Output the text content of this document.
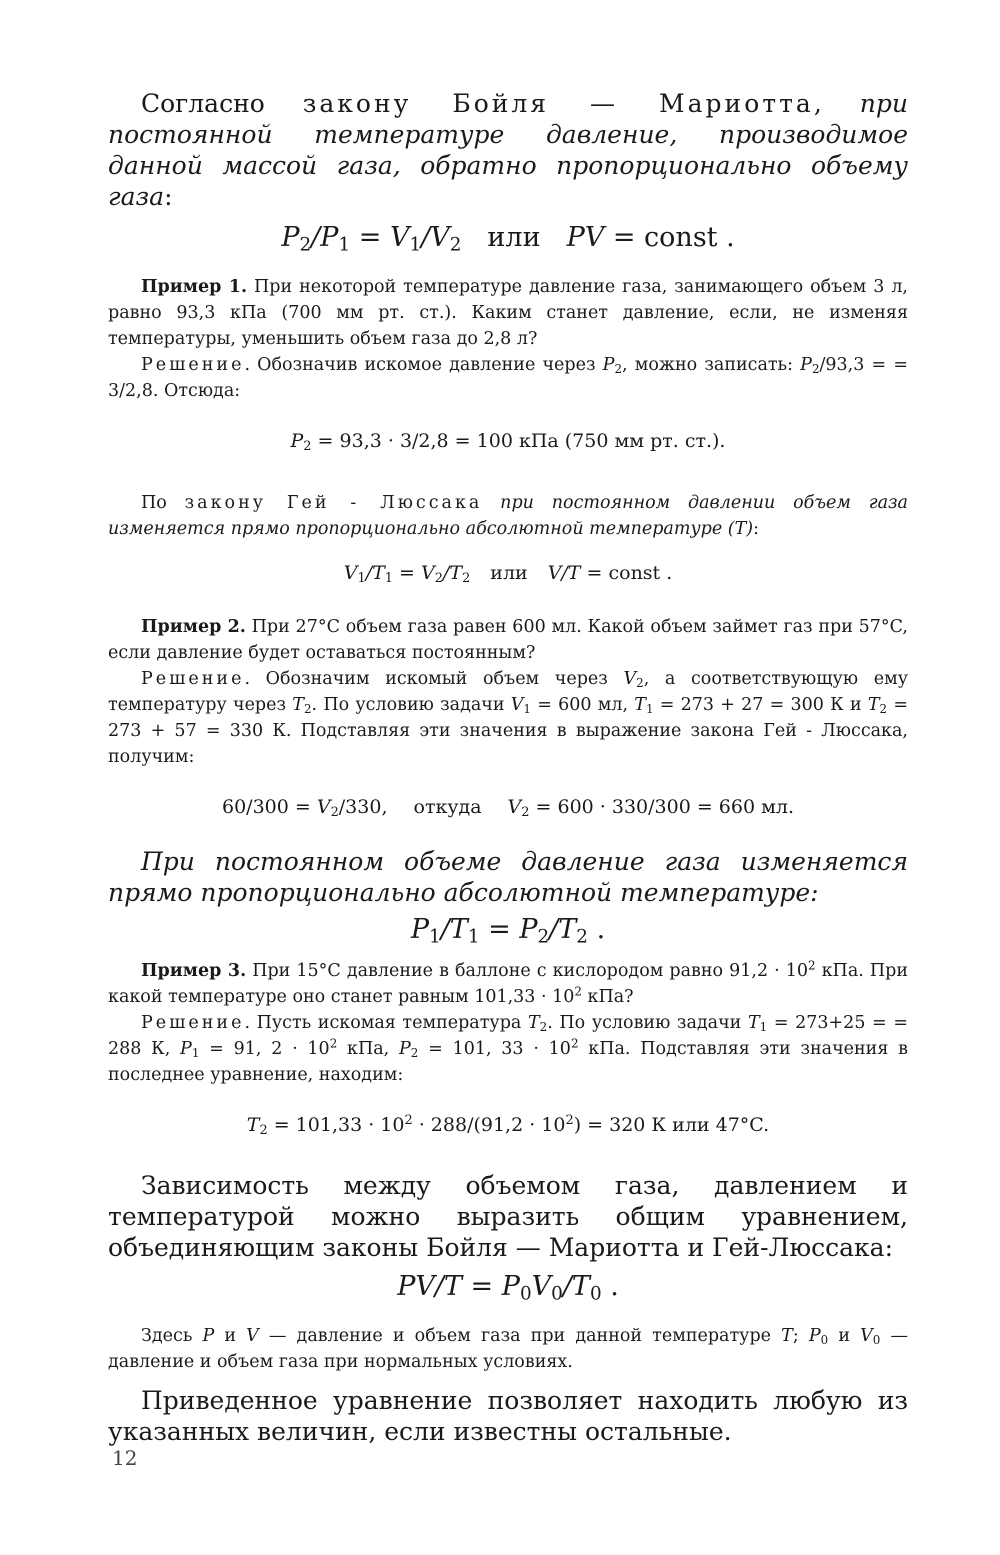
Согласно закону Бойля — Мариотта, при постоянной температуре давление, производимое данной массой газа, обратно пропорционально объему газа:

$P_2/P_1 = V_1/V_2$ или PV = const .

Пример 1. При некоторой температуре давление газа, занимающего объем 3 л, равно 93,3 кПа (700 мм рт. ст.). Каким станет давление, если, не изменяя температуры, уменьшить объем газа до 2,8 л?

Решение. Обозначив искомое давление через $P_2$, можно записать: $P_2/93,3$ = = 3/2,8. Отсюда:

$P_2 = 93,3 \cdot 3/2,8 = 100$ кПа (750 мм рт. ст.).

По закону Гей - Люссака при постоянном давлении объем газа изменяется прямо пропорционально абсолютной температуре (T):

$V_1/T_1 = V_2/T_2$ или V/T = const .

Пример 2. При 27°C объем газа равен 600 мл. Какой объем займет газ при 57°C, если давление будет оставаться постоянным?

Решение. Обозначим искомый объем через $V_2$, а соответствующую ему температуру через $T_2$. По условию задачи $V_1 = 600$ мл, $T_1 = 273 + 27 = 300$ К и $T_2 = 273 + 57 = 330$ К. Подставляя эти значения в выражение закона Гей - Люссака, получим:

$60/300 = V_2/330$, откуда $V_2 = 600 \cdot 330/300 = 660$ мл.

При постоянном объеме давление газа изменяется прямо пропорционально абсолютной температуре:

$P_1/T_1 = P_2/T_2$ .

Пример 3. При 15°C давление в баллоне с кислородом равно $91,2 \cdot 10^2$ кПа. При какой температуре оно станет равным $101,33 \cdot 10^2$ кПа?

Решение. Пусть искомая температура $T_2$. По условию задачи $T_1 = 273+25$ = = 288 К, $P_1 = 91$, $2 \cdot 10^2$ кПа, $P_2 = 101$, $33 \cdot 10^2$ кПа. Подставляя эти значения в последнее уравнение, находим:

$T_2 = 101,33 \cdot 10^2 \cdot 288/(91,2 \cdot 10^2) = 320$ К или 47°C.

Зависимость между объемом газа, давлением и температурой можно выразить общим уравнением, объединяющим законы Бойля — Мариотта и Гей-Люссака:

$PV/T = P_0V_0/T_0$ .

Здесь P и V — давление и объем газа при данной температуре T; $P_0$ и $V_0$ — давление и объем газа при нормальных условиях.

Приведенное уравнение позволяет находить любую из указанных величин, если известны остальные.

12
